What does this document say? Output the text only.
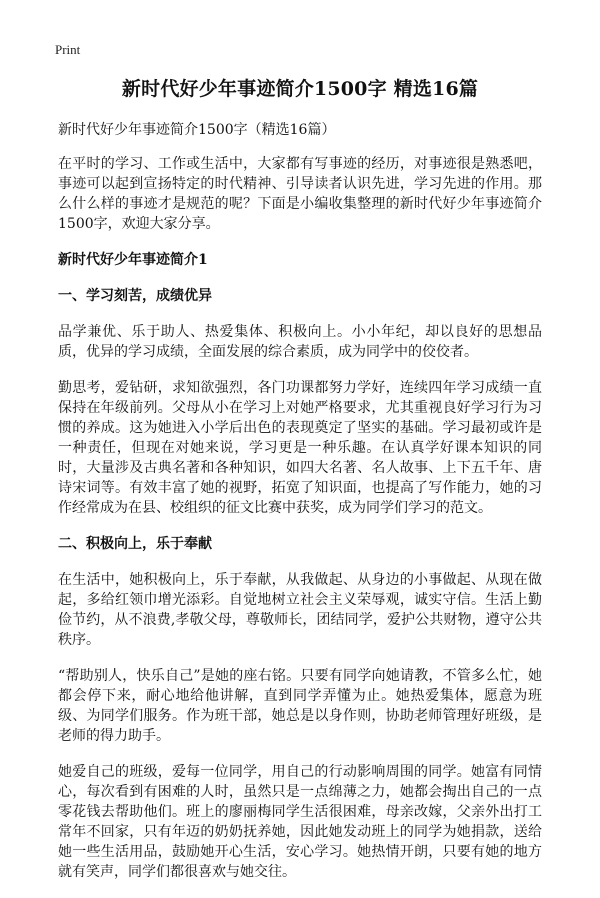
Print
新时代好少年事迹简介1500字 精选16篇

新时代好少年事迹简介1500字（精选16篇）

在平时的学习、工作或生活中，大家都有写事迹的经历，对事迹很是熟悉吧，事迹可以起到宣扬特定的时代精神、引导读者认识先进，学习先进的作用。那么什么样的事迹才是规范的呢？下面是小编收集整理的新时代好少年事迹简介1500字，欢迎大家分享。

新时代好少年事迹简介1

一、学习刻苦，成绩优异

品学兼优、乐于助人、热爱集体、积极向上。小小年纪，却以良好的思想品质，优异的学习成绩，全面发展的综合素质，成为同学中的佼佼者。

勤思考，爱钻研，求知欲强烈，各门功课都努力学好，连续四年学习成绩一直保持在年级前列。父母从小在学习上对她严格要求，尤其重视良好学习行为习惯的养成。这为她进入小学后出色的表现奠定了坚实的基础。学习最初或许是一种责任，但现在对她来说，学习更是一种乐趣。在认真学好课本知识的同时，大量涉及古典名著和各种知识，如四大名著、名人故事、上下五千年、唐诗宋词等。有效丰富了她的视野，拓宽了知识面，也提高了写作能力，她的习作经常成为在县、校组织的征文比赛中获奖，成为同学们学习的范文。

二、积极向上，乐于奉献

在生活中，她积极向上，乐于奉献，从我做起、从身边的小事做起、从现在做起，多给红领巾增光添彩。自觉地树立社会主义荣辱观，诚实守信。生活上勤俭节约，从不浪费,孝敬父母，尊敬师长，团结同学，爱护公共财物，遵守公共秩序。

“帮助别人，快乐自己”是她的座右铭。只要有同学向她请教，不管多么忙，她都会停下来，耐心地给他讲解，直到同学弄懂为止。她热爱集体，愿意为班级、为同学们服务。作为班干部，她总是以身作则，协助老师管理好班级，是老师的得力助手。

她爱自己的班级，爱每一位同学，用自己的行动影响周围的同学。她富有同情心，每次看到有困难的人时，虽然只是一点绵薄之力，她都会掏出自己的一点零花钱去帮助他们。班上的廖丽梅同学生活很困难，母亲改嫁，父亲外出打工常年不回家，只有年迈的奶奶抚养她，因此她发动班上的同学为她捐款，送给她一些生活用品，鼓励她开心生活，安心学习。她热情开朗，只要有她的地方就有笑声，同学们都很喜欢与她交往。
